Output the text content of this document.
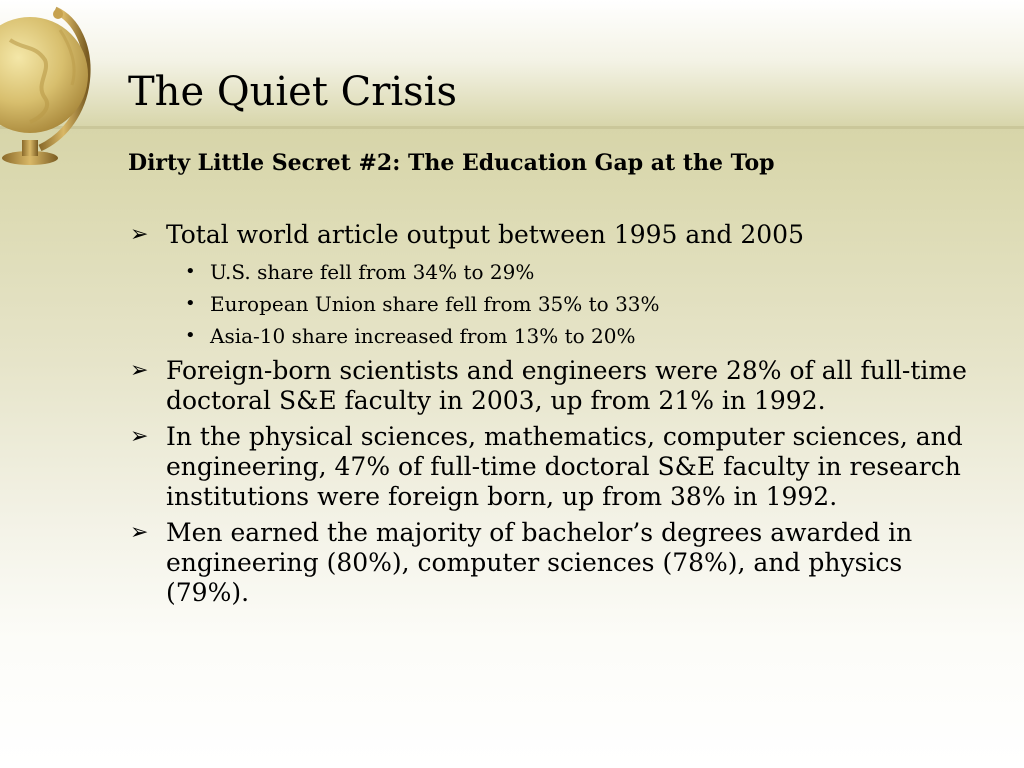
The Quiet Crisis
Dirty Little Secret #2: The Education Gap at the Top
➢ Total world article output between 1995 and 2005
• U.S. share fell from 34% to 29%
• European Union share fell from 35% to 33%
• Asia-10 share increased from 13% to 20%
➢ Foreign-born scientists and engineers were 28% of all full-time doctoral S&E faculty in 2003, up from 21% in 1992.
➢ In the physical sciences, mathematics, computer sciences, and engineering, 47% of full-time doctoral S&E faculty in research institutions were foreign born, up from 38% in 1992.
➢ Men earned the majority of bachelor’s degrees awarded in engineering (80%), computer sciences (78%), and physics (79%).
